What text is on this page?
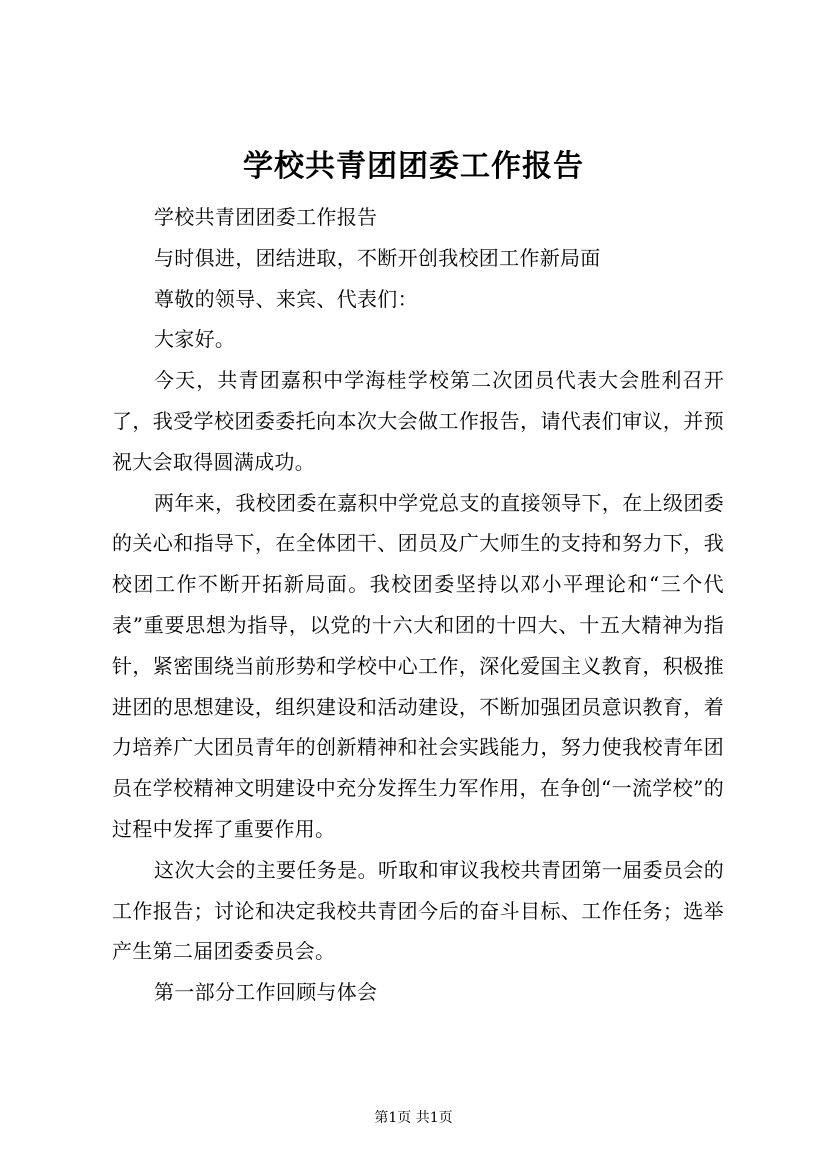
学校共青团团委工作报告

学校共青团团委工作报告

与时俱进，团结进取，不断开创我校团工作新局面

尊敬的领导、来宾、代表们：

大家好。

今天，共青团嘉积中学海桂学校第二次团员代表大会胜利召开了，我受学校团委委托向本次大会做工作报告，请代表们审议，并预祝大会取得圆满成功。

两年来，我校团委在嘉积中学党总支的直接领导下，在上级团委的关心和指导下，在全体团干、团员及广大师生的支持和努力下，我校团工作不断开拓新局面。我校团委坚持以邓小平理论和“三个代表”重要思想为指导，以党的十六大和团的十四大、十五大精神为指针，紧密围绕当前形势和学校中心工作，深化爱国主义教育，积极推进团的思想建设，组织建设和活动建设，不断加强团员意识教育，着力培养广大团员青年的创新精神和社会实践能力，努力使我校青年团员在学校精神文明建设中充分发挥生力军作用，在争创“一流学校”的过程中发挥了重要作用。

这次大会的主要任务是。听取和审议我校共青团第一届委员会的工作报告；讨论和决定我校共青团今后的奋斗目标、工作任务；选举产生第二届团委委员会。

第一部分工作回顾与体会

第1页 共1页
